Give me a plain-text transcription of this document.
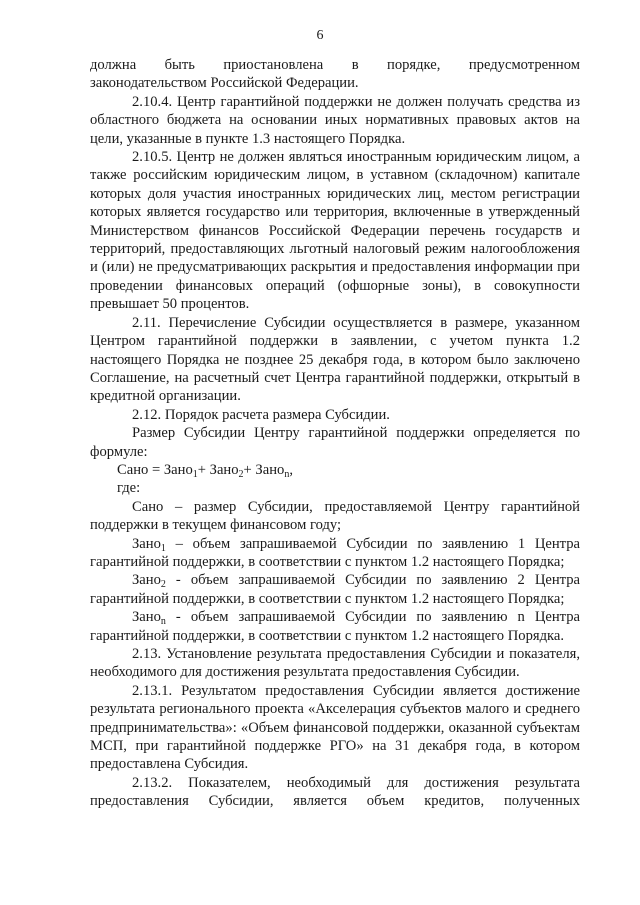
6

должна быть приостановлена в порядке, предусмотренном

законодательством Российской Федерации.

2.10.4. Центр гарантийной поддержки не должен получать средства из областного бюджета на основании иных нормативных правовых актов на цели, указанные в пункте 1.3 настоящего Порядка.

2.10.5. Центр не должен являться иностранным юридическим лицом, а также российским юридическим лицом, в уставном (складочном) капитале которых доля участия иностранных юридических лиц, местом регистрации которых является государство или территория, включенные в утвержденный Министерством финансов Российской Федерации перечень государств и территорий, предоставляющих льготный налоговый режим налогообложения и (или) не предусматривающих раскрытия и предоставления информации при проведении финансовых операций (офшорные зоны), в совокупности превышает 50 процентов.

2.11. Перечисление Субсидии осуществляется в размере, указанном Центром гарантийной поддержки в заявлении, с учетом пункта 1.2 настоящего Порядка не позднее 25 декабря года, в котором было заключено Соглашение, на расчетный счет Центра гарантийной поддержки, открытый в кредитной организации.

2.12. Порядок расчета размера Субсидии.

Размер Субсидии Центру гарантийной поддержки определяется по формуле:

Сано = Зано$_1$+ Зано$_2$+ Зано$_n$,

где:

Сано – размер Субсидии, предоставляемой Центру гарантийной поддержки в текущем финансовом году;

Зано$_1$ – объем запрашиваемой Субсидии по заявлению 1 Центра гарантийной поддержки, в соответствии с пунктом 1.2 настоящего Порядка;

Зано$_2$ - объем запрашиваемой Субсидии по заявлению 2 Центра гарантийной поддержки, в соответствии с пунктом 1.2 настоящего Порядка;

Зано$_n$ - объем запрашиваемой Субсидии по заявлению n Центра гарантийной поддержки, в соответствии с пунктом 1.2 настоящего Порядка.

2.13. Установление результата предоставления Субсидии и показателя, необходимого для достижения результата предоставления Субсидии.

2.13.1. Результатом предоставления Субсидии является достижение результата регионального проекта «Акселерация субъектов малого и среднего предпринимательства»: «Объем финансовой поддержки, оказанной субъектам МСП, при гарантийной поддержке РГО» на 31 декабря года, в котором предоставлена Субсидия.

2.13.2. Показателем, необходимый для достижения результата предоставления Субсидии, является объем кредитов, полученных
